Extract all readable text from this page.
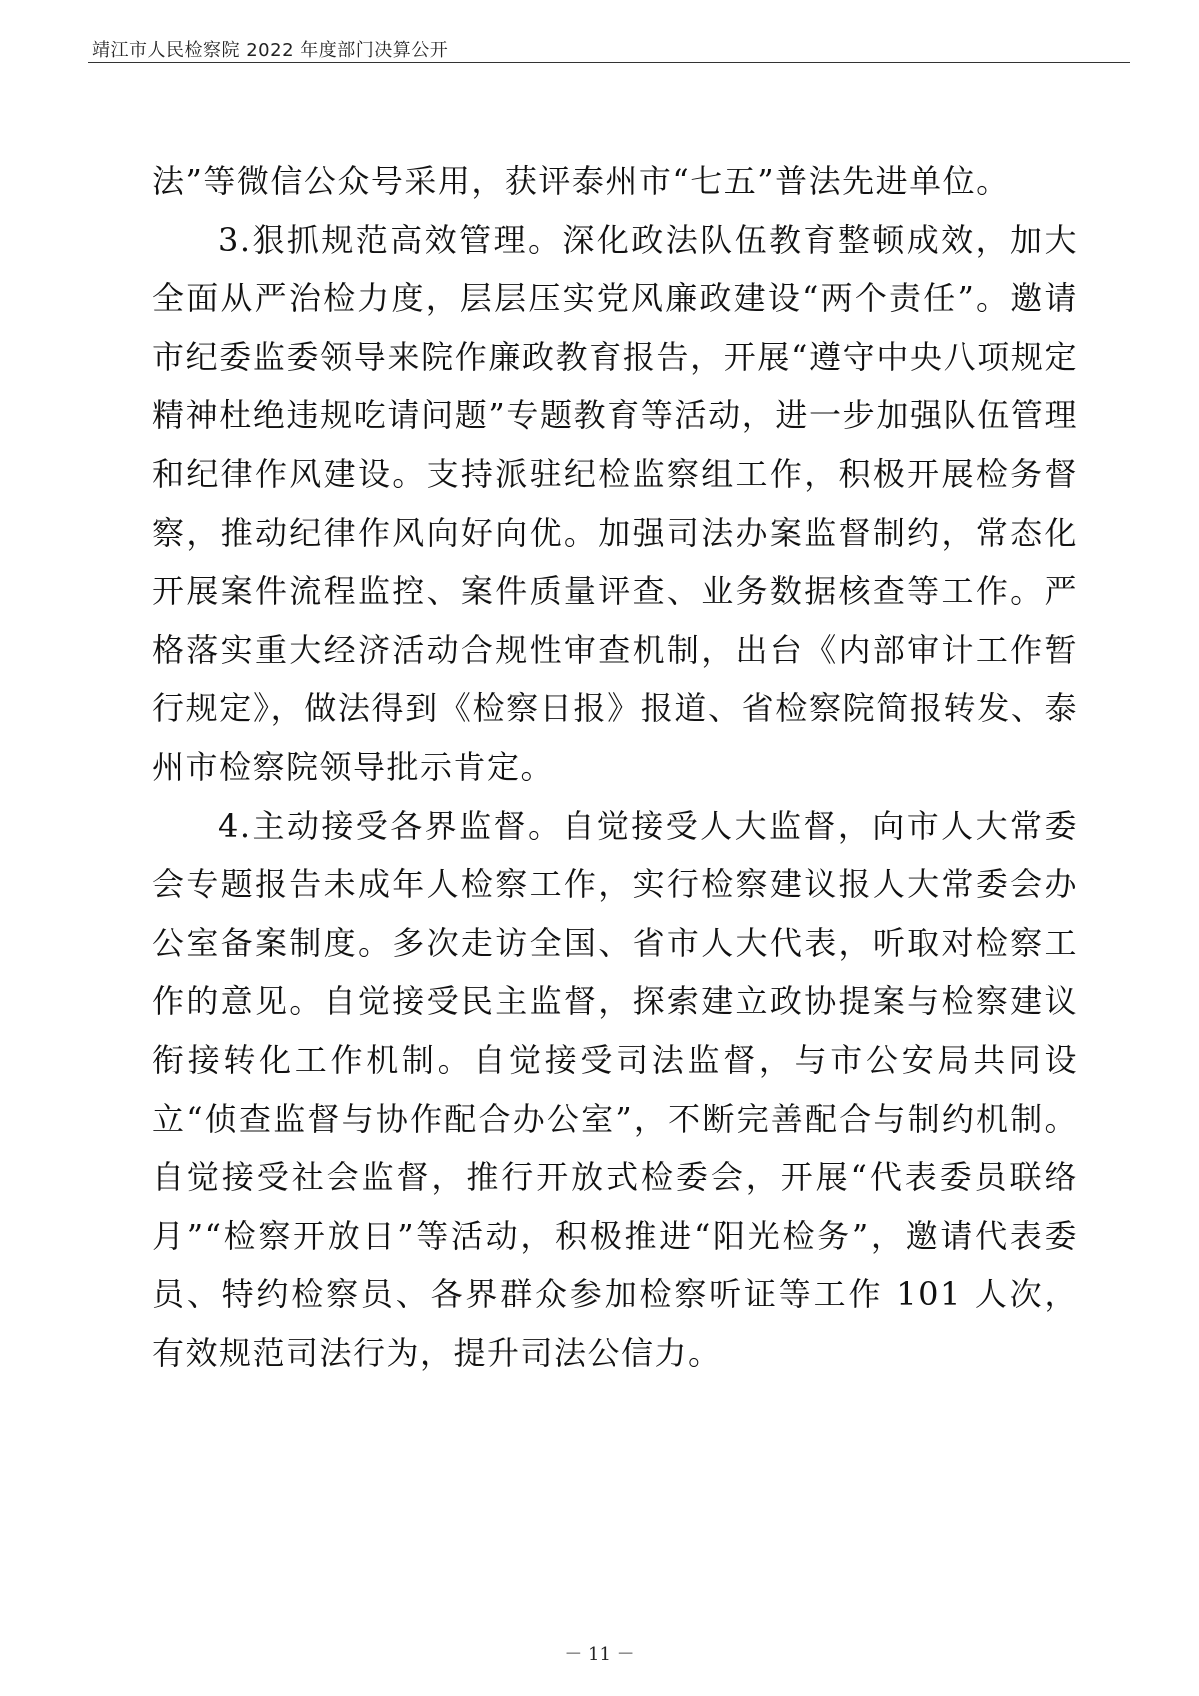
靖江市人民检察院 2022 年度部门决算公开

法”等微信公众号采用，获评泰州市“七五”普法先进单位。

3.狠抓规范高效管理。深化政法队伍教育整顿成效，加大全面从严治检力度，层层压实党风廉政建设“两个责任”。邀请市纪委监委领导来院作廉政教育报告，开展“遵守中央八项规定精神杜绝违规吃请问题”专题教育等活动，进一步加强队伍管理和纪律作风建设。支持派驻纪检监察组工作，积极开展检务督察，推动纪律作风向好向优。加强司法办案监督制约，常态化开展案件流程监控、案件质量评查、业务数据核查等工作。严格落实重大经济活动合规性审查机制，出台《内部审计工作暂行规定》，做法得到《检察日报》报道、省检察院简报转发、泰州市检察院领导批示肯定。

4.主动接受各界监督。自觉接受人大监督，向市人大常委会专题报告未成年人检察工作，实行检察建议报人大常委会办公室备案制度。多次走访全国、省市人大代表，听取对检察工作的意见。自觉接受民主监督，探索建立政协提案与检察建议衔接转化工作机制。自觉接受司法监督，与市公安局共同设立“侦查监督与协作配合办公室”，不断完善配合与制约机制。自觉接受社会监督，推行开放式检委会，开展“代表委员联络月”“检察开放日”等活动，积极推进“阳光检务”，邀请代表委员、特约检察员、各界群众参加检察听证等工作 101 人次，有效规范司法行为，提升司法公信力。

－ 11 －
